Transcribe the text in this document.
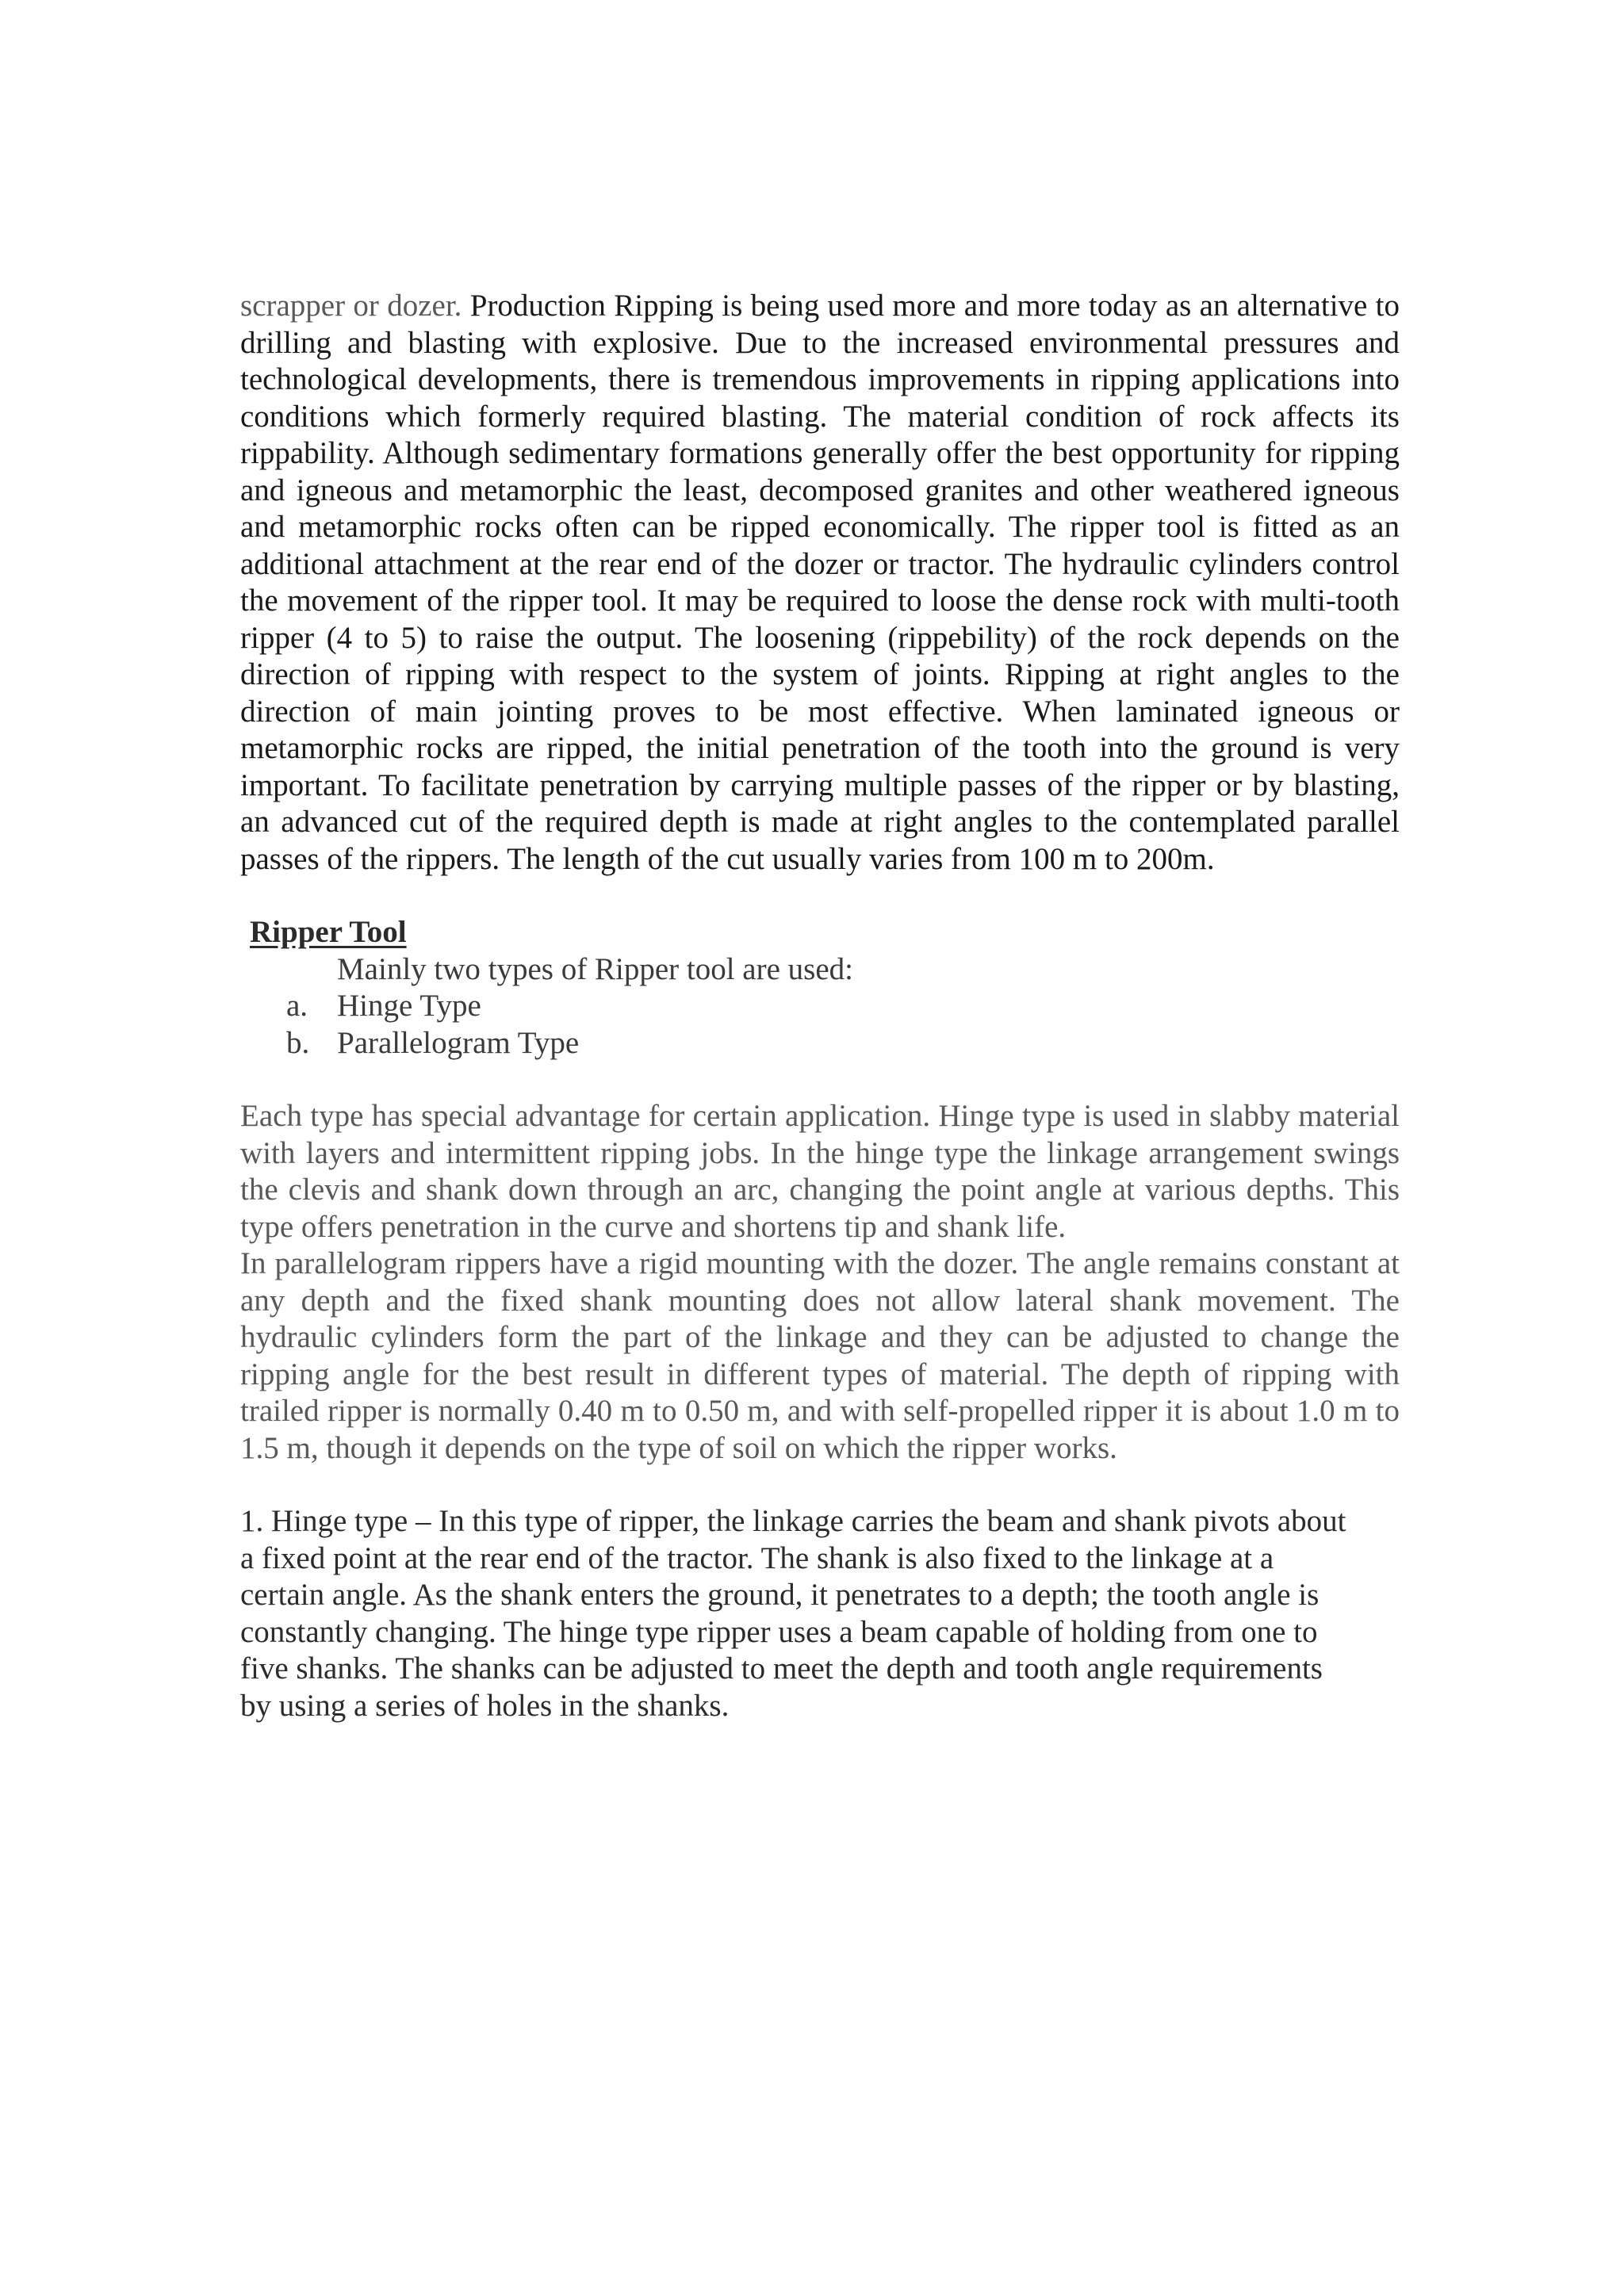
scrapper or dozer. Production Ripping is being used more and more today as an alternative to drilling and blasting with explosive. Due to the increased environmental pressures and technological developments, there is tremendous improvements in ripping applications into conditions which formerly required blasting. The material condition of rock affects its rippability. Although sedimentary formations generally offer the best opportunity for ripping and igneous and metamorphic the least, decomposed granites and other weathered igneous and metamorphic rocks often can be ripped economically. The ripper tool is fitted as an additional attachment at the rear end of the dozer or tractor. The hydraulic cylinders control the movement of the ripper tool. It may be required to loose the dense rock with multi-tooth ripper (4 to 5) to raise the output. The loosening (rippebility) of the rock depends on the direction of ripping with respect to the system of joints. Ripping at right angles to the direction of main jointing proves to be most effective. When laminated igneous or metamorphic rocks are ripped, the initial penetration of the tooth into the ground is very important. To facilitate penetration by carrying multiple passes of the ripper or by blasting, an advanced cut of the required depth is made at right angles to the contemplated parallel passes of the rippers. The length of the cut usually varies from 100 m to 200m.

Ripper Tool

Mainly two types of Ripper tool are used:

a. Hinge Type
b. Parallelogram Type

Each type has special advantage for certain application. Hinge type is used in slabby material with layers and intermittent ripping jobs. In the hinge type the linkage arrangement swings the clevis and shank down through an arc, changing the point angle at various depths. This type offers penetration in the curve and shortens tip and shank life.

In parallelogram rippers have a rigid mounting with the dozer. The angle remains constant at any depth and the fixed shank mounting does not allow lateral shank movement. The hydraulic cylinders form the part of the linkage and they can be adjusted to change the ripping angle for the best result in different types of material. The depth of ripping with trailed ripper is normally 0.40 m to 0.50 m, and with self-propelled ripper it is about 1.0 m to 1.5 m, though it depends on the type of soil on which the ripper works.

1. Hinge type – In this type of ripper, the linkage carries the beam and shank pivots about
a fixed point at the rear end of the tractor. The shank is also fixed to the linkage at a
certain angle. As the shank enters the ground, it penetrates to a depth; the tooth angle is
constantly changing. The hinge type ripper uses a beam capable of holding from one to
five shanks. The shanks can be adjusted to meet the depth and tooth angle requirements
by using a series of holes in the shanks.
